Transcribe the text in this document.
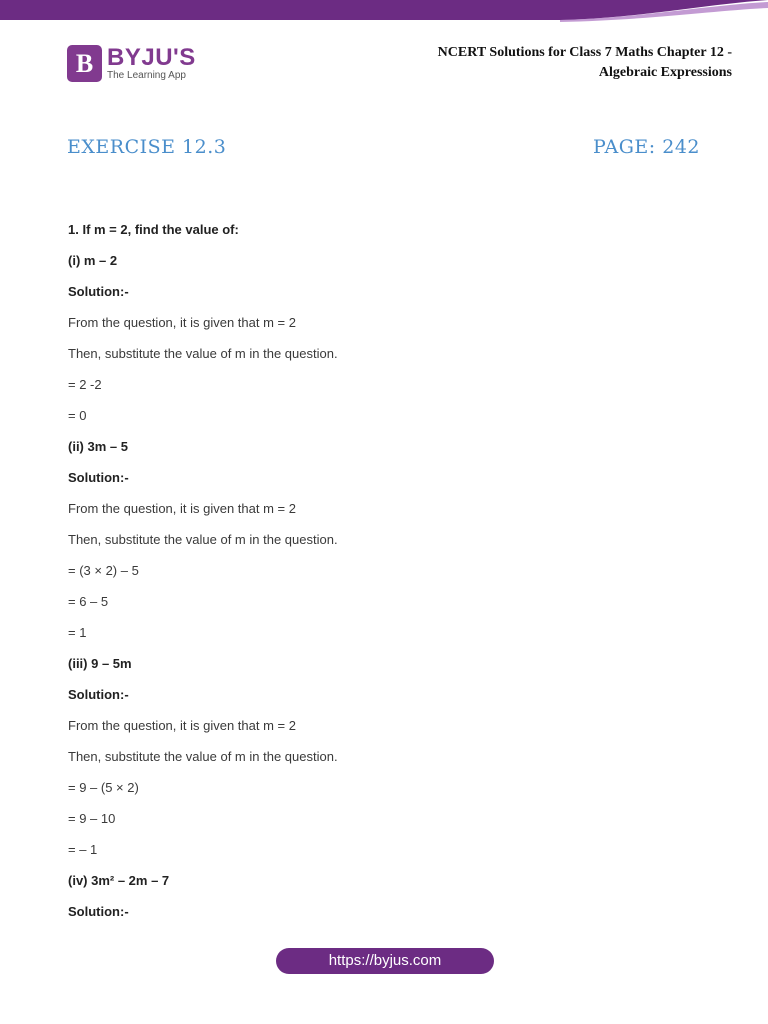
B BYJU'S
The Learning App
NCERT Solutions for Class 7 Maths Chapter 12 -
Algebraic Expressions
EXERCISE 12.3	PAGE: 242
1. If m = 2, find the value of:
(i) m – 2
Solution:-
From the question, it is given that m = 2
Then, substitute the value of m in the question.
= 2 -2
= 0
(ii) 3m – 5
Solution:-
From the question, it is given that m = 2
Then, substitute the value of m in the question.
= (3 × 2) – 5
= 6 – 5
= 1
(iii) 9 – 5m
Solution:-
From the question, it is given that m = 2
Then, substitute the value of m in the question.
= 9 – (5 × 2)
= 9 – 10
= – 1
(iv) 3m² – 2m – 7
Solution:-
https://byjus.com
